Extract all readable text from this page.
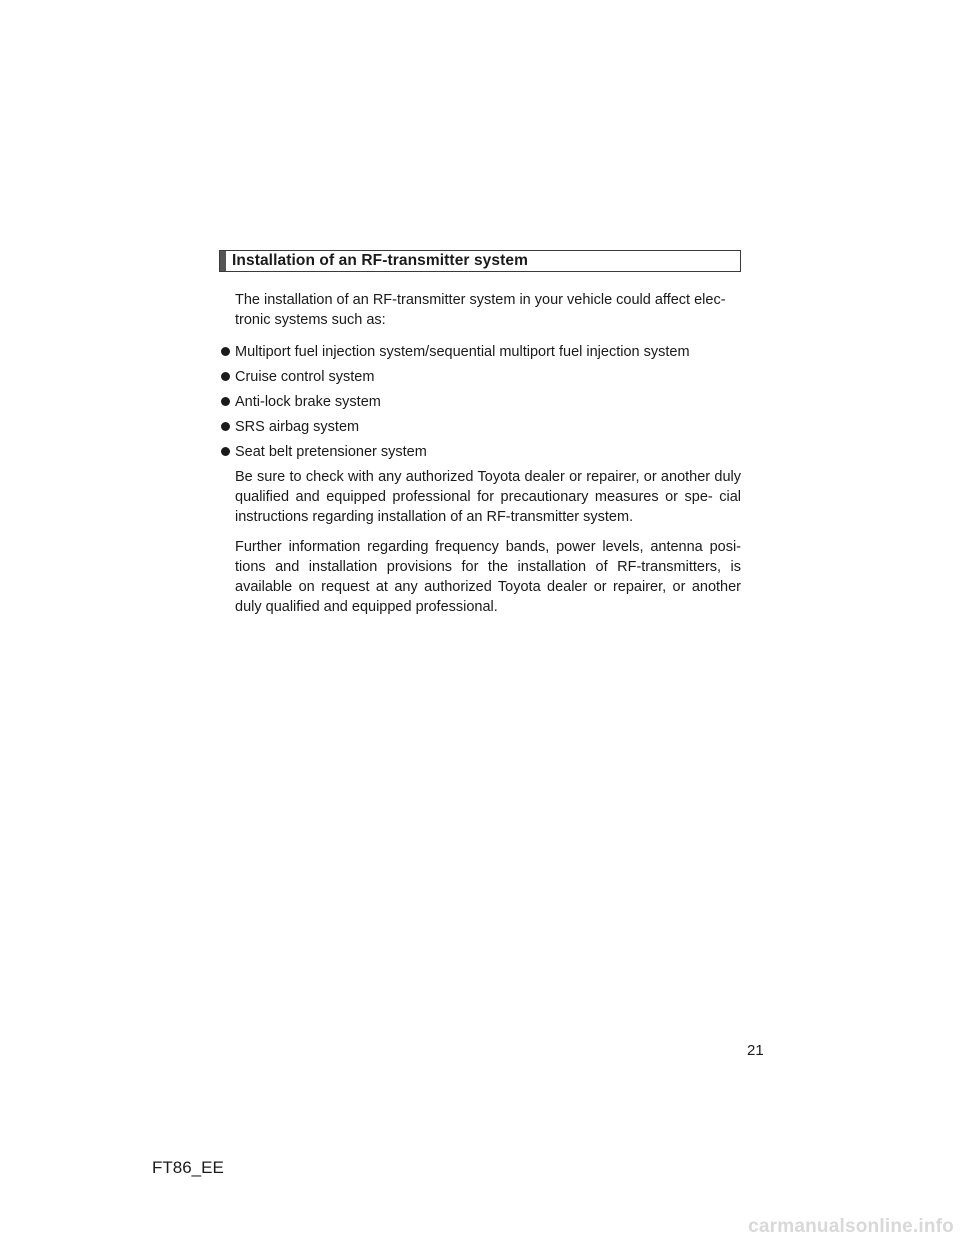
Installation of an RF-transmitter system

The installation of an RF-transmitter system in your vehicle could affect elec- tronic systems such as:

Multiport fuel injection system/sequential multiport fuel injection system
Cruise control system
Anti-lock brake system
SRS airbag system
Seat belt pretensioner system

Be sure to check with any authorized Toyota dealer or repairer, or another duly qualified and equipped professional for precautionary measures or spe- cial instructions regarding installation of an RF-transmitter system.

Further information regarding frequency bands, power levels, antenna posi- tions and installation provisions for the installation of RF-transmitters, is available on request at any authorized Toyota dealer or repairer, or another duly qualified and equipped professional.

21
FT86_EE
carmanualsonline.info
